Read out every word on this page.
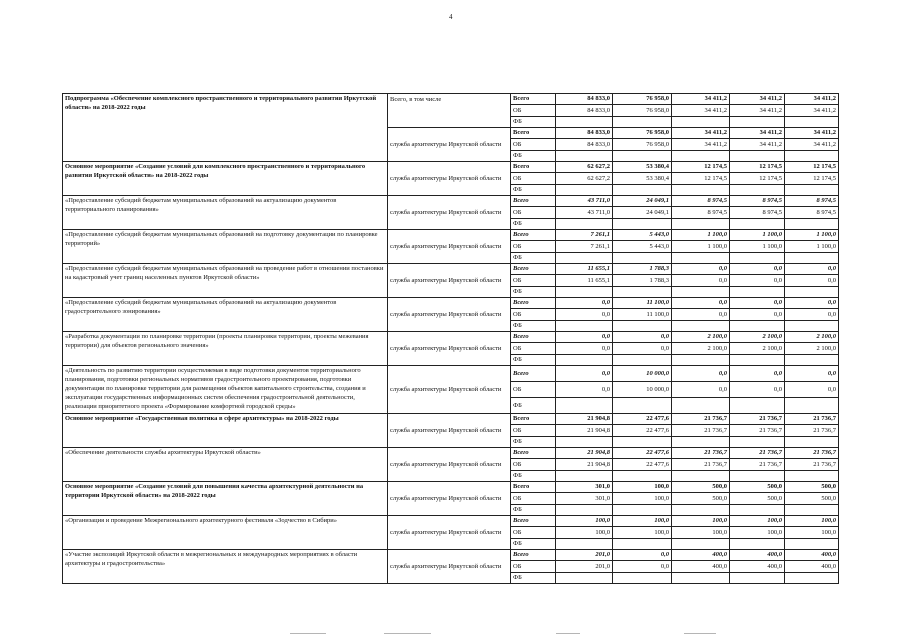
4
Подпрограмма «Обеспечение комплексного пространственного и территориального развития Иркутской области» на 2018-2022 годы	Всего, в том числе	Всего	84 833,0	76 958,0	34 411,2	34 411,2	34 411,2
		ОБ	84 833,0	76 958,0	34 411,2	34 411,2	34 411,2
		ФБ					
	служба архитектуры Иркутской области	Всего	84 833,0	76 958,0	34 411,2	34 411,2	34 411,2
		ОБ	84 833,0	76 958,0	34 411,2	34 411,2	34 411,2
		ФБ					
Основное мероприятие «Создание условий для комплексного пространственного и территориального развития Иркутской области» на 2018-2022 годы	служба архитектуры Иркутской области	Всего	62 627,2	53 380,4	12 174,5	12 174,5	12 174,5
		ОБ	62 627,2	53 380,4	12 174,5	12 174,5	12 174,5
		ФБ					
«Предоставление субсидий бюджетам муниципальных образований на актуализацию документов территориального планирования»	служба архитектуры Иркутской области	Всего	43 711,0	24 049,1	8 974,5	8 974,5	8 974,5
		ОБ	43 711,0	24 049,1	8 974,5	8 974,5	8 974,5
		ФБ					
«Предоставление субсидий бюджетам муниципальных образований на подготовку документации по планировке территорий»	служба архитектуры Иркутской области	Всего	7 261,1	5 443,0	1 100,0	1 100,0	1 100,0
		ОБ	7 261,1	5 443,0	1 100,0	1 100,0	1 100,0
		ФБ					
«Предоставление субсидий бюджетам муниципальных образований на проведение работ в отношении постановки на кадастровый учет границ населенных пунктов Иркутской области»	служба архитектуры Иркутской области	Всего	11 655,1	1 788,3	0,0	0,0	0,0
		ОБ	11 655,1	1 788,3	0,0	0,0	0,0
		ФБ					
«Предоставление субсидий бюджетам муниципальных образований на актуализацию документов градостроительного зонирования»	служба архитектуры Иркутской области	Всего	0,0	11 100,0	0,0	0,0	0,0
		ОБ	0,0	11 100,0	0,0	0,0	0,0
		ФБ					
«Разработка документации по планировке территории (проекты планировки территории, проекты межевания территории) для объектов регионального значения»	служба архитектуры Иркутской области	Всего	0,0	0,0	2 100,0	2 100,0	2 100,0
		ОБ	0,0	0,0	2 100,0	2 100,0	2 100,0
		ФБ					
«Деятельность по развитию территории осуществляемая в виде подготовки документов территориального планирования, подготовки региональных нормативов градостроительного проектирования, подготовки документации по планировке территории для размещения объектов капитального строительства, создания и эксплуатации государственных информационных систем обеспечения градостроительной деятельности, реализации приоритетного проекта «Формирование комфортной городской среды»	служба архитектуры Иркутской области	Всего	0,0	10 000,0	0,0	0,0	0,0
		ОБ	0,0	10 000,0	0,0	0,0	0,0
		ФБ					
Основное мероприятие «Государственная политика в сфере архитектуры» на 2018-2022 годы	служба архитектуры Иркутской области	Всего	21 904,8	22 477,6	21 736,7	21 736,7	21 736,7
		ОБ	21 904,8	22 477,6	21 736,7	21 736,7	21 736,7
		ФБ					
«Обеспечение деятельности службы архитектуры Иркутской области»	служба архитектуры Иркутской области	Всего	21 904,8	22 477,6	21 736,7	21 736,7	21 736,7
		ОБ	21 904,8	22 477,6	21 736,7	21 736,7	21 736,7
		ФБ					
Основное мероприятие «Создание условий для повышения качества архитектурной деятельности на территории Иркутской области» на 2018-2022 годы	служба архитектуры Иркутской области	Всего	301,0	100,0	500,0	500,0	500,0
		ОБ	301,0	100,0	500,0	500,0	500,0
		ФБ					
«Организация и проведение Межрегионального архитектурного фестиваля «Зодчество в Сибири»	служба архитектуры Иркутской области	Всего	100,0	100,0	100,0	100,0	100,0
		ОБ	100,0	100,0	100,0	100,0	100,0
		ФБ					
«Участие экспозиций Иркутской области в межрегиональных и международных мероприятиях в области архитектуры и градостроительства»	служба архитектуры Иркутской области	Всего	201,0	0,0	400,0	400,0	400,0
		ОБ	201,0	0,0	400,0	400,0	400,0
		ФБ					
